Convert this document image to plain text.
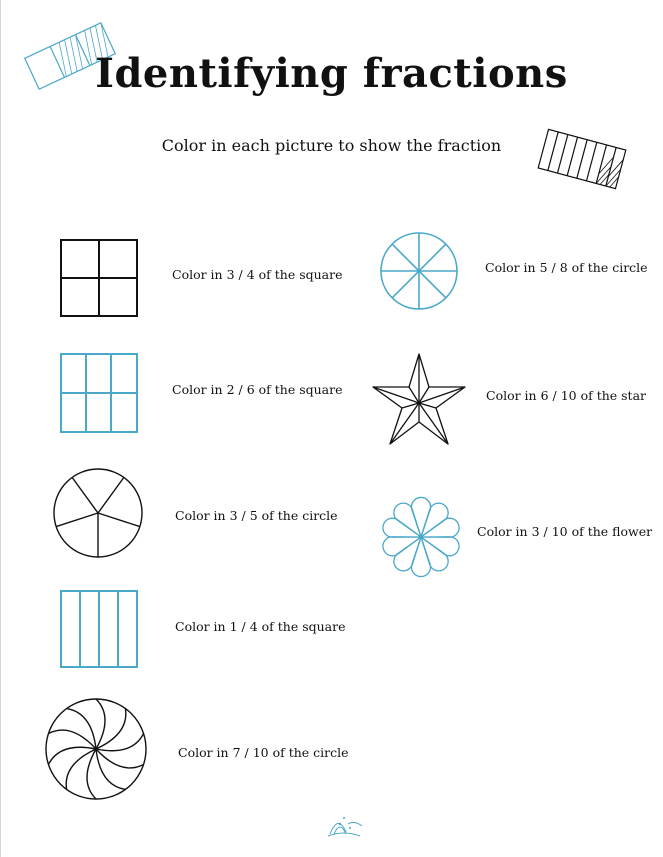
Identifying fractions

Color in each picture to show the fraction

Color in 3 / 4 of the square
Color in 2 / 6 of the square
Color in 3 / 5 of the circle
Color in 1 / 4 of the square
Color in 7 / 10 of the circle
Color in 5 / 8 of the circle
Color in 6 / 10 of the star
Color in 3 / 10 of the flower
